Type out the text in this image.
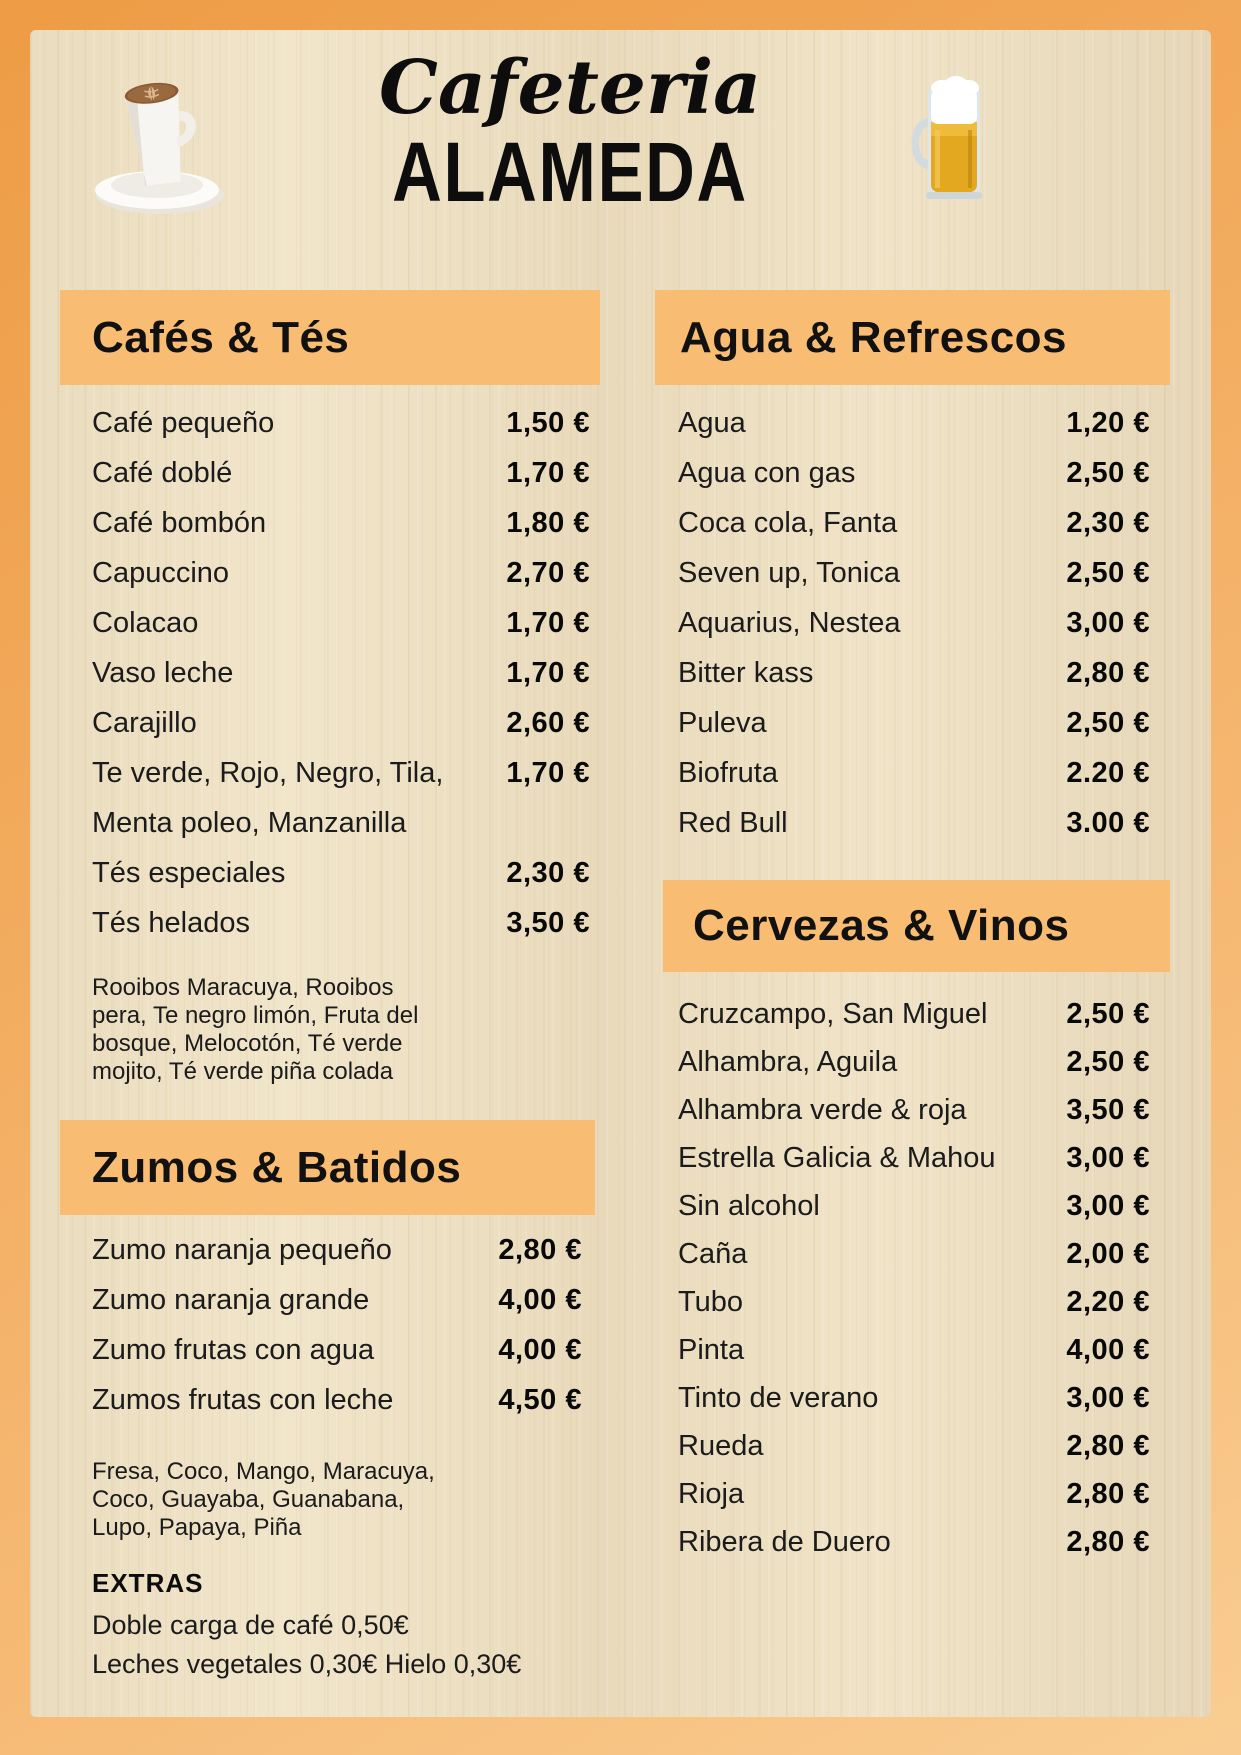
Cafeteria
ALAMEDA
Cafés & Tés
Café pequeño	1,50 €
Café doblé	1,70 €
Café bombón	1,80 €
Capuccino	2,70 €
Colacao	1,70 €
Vaso leche	1,70 €
Carajillo	2,60 €
Te verde, Rojo, Negro, Tila, 1,70 €
Menta poleo, Manzanilla
Tés especiales	2,30 €
Tés helados	3,50 €
Rooibos Maracuya, Rooibos pera, Te negro limón, Fruta del bosque, Melocotón, Té verde mojito, Té verde piña colada
Zumos & Batidos
Zumo naranja pequeño	2,80 €
Zumo naranja grande	4,00 €
Zumo frutas con agua	4,00 €
Zumos frutas con leche	4,50 €
Fresa, Coco, Mango, Maracuya, Coco, Guayaba, Guanabana, Lupo, Papaya, Piña
EXTRAS
Doble carga de café 0,50€
Leches vegetales 0,30€ Hielo 0,30€
Agua & Refrescos
Agua	1,20 €
Agua con gas	2,50 €
Coca cola, Fanta	2,30 €
Seven up, Tonica	2,50 €
Aquarius, Nestea	3,00 €
Bitter kass	2,80 €
Puleva	2,50 €
Biofruta	2.20 €
Red Bull	3.00 €
Cervezas & Vinos
Cruzcampo, San Miguel	2,50 €
Alhambra, Aguila	2,50 €
Alhambra verde & roja	3,50 €
Estrella Galicia & Mahou 3,00 €
Sin alcohol	3,00 €
Caña	2,00 €
Tubo	2,20 €
Pinta	4,00 €
Tinto de verano	3,00 €
Rueda	2,80 €
Rioja	2,80 €
Ribera de Duero	2,80 €
